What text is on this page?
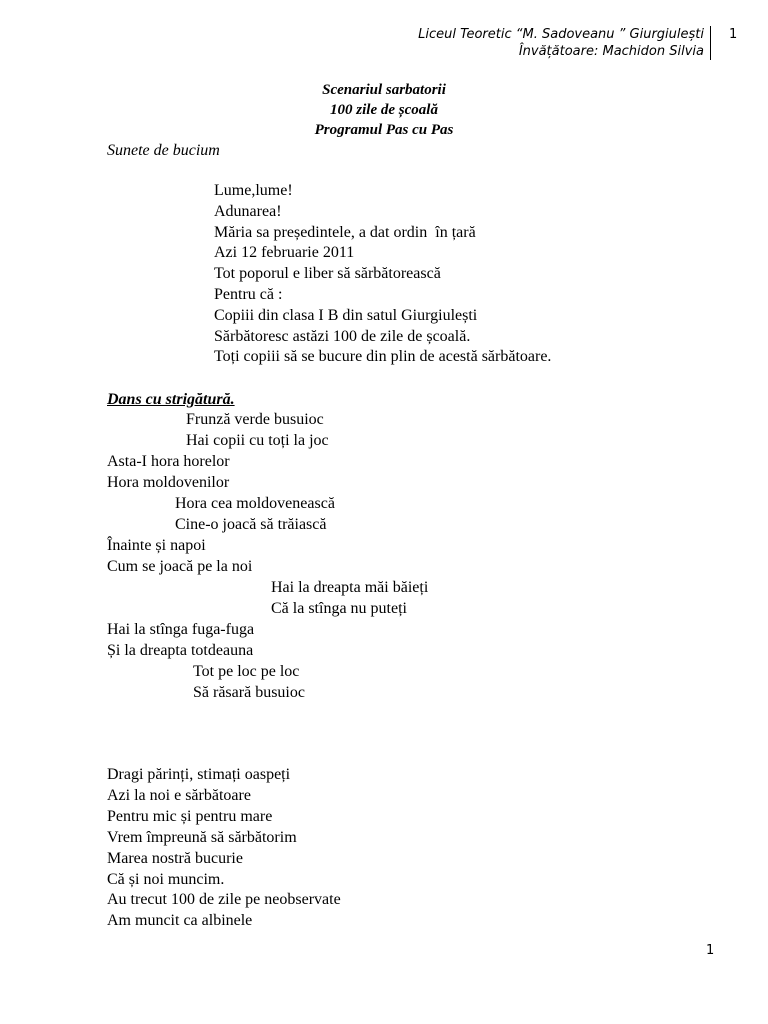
Liceul Teoretic “M. Sadoveanu ” Giurgiulești
Învățătoare: Machidon Silvia
1
Scenariul sarbatorii
100 zile de școală
Programul Pas cu Pas
Sunete de bucium
Lume,lume!
Adunarea!
Măria sa președintele, a dat ordin  în țară
Azi 12 februarie 2011
Tot poporul e liber să sărbătorească
Pentru că :
Copiii din clasa I B din satul Giurgiulești
Sărbătoresc astăzi 100 de zile de școală.
Toți copiii să se bucure din plin de acestă sărbătoare.
Dans cu strigătură.
Frunză verde busuioc
Hai copii cu toți la joc
Asta-I hora horelor
Hora moldovenilor
Hora cea moldovenească
Cine-o joacă să trăiască
Înainte și napoi
Cum se joacă pe la noi
Hai la dreapta măi băieți
Că la stînga nu puteți
Hai la stînga fuga-fuga
Și la dreapta totdeauna
Tot pe loc pe loc
Să răsară busuioc
Dragi părinți, stimați oaspeți
Azi la noi e sărbătoare
Pentru mic și pentru mare
Vrem împreună să sărbătorim
Marea nostră bucurie
Că și noi muncim.
Au trecut 100 de zile pe neobservate
Am muncit ca albinele
1
